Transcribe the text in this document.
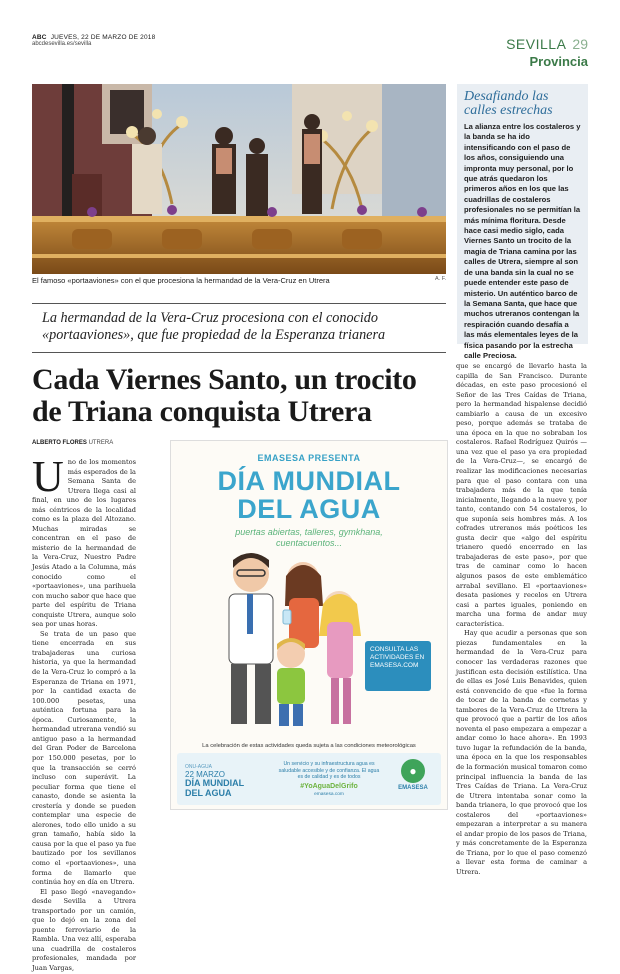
ABC JUEVES, 22 DE MARZO DE 2018
abcdesevilla.es/sevilla	SEVILLA 29
Provincia
El famoso «portaaviones» con el que procesiona la hermandad de la Vera-Cruz en Utrera	A. F.
Desafiando las calles estrechas
La alianza entre los costaleros y la banda se ha ido intensificando con el paso de los años, consiguiendo una impronta muy personal, por lo que atrás quedaron los primeros años en los que las cuadrillas de costaleros profesionales no se permitían la más mínima floritura. Desde hace casi medio siglo, cada Viernes Santo un trocito de la magia de Triana camina por las calles de Utrera, siempre al son de una banda sin la cual no se puede entender este paso de misterio. Un auténtico barco de la Semana Santa, que hace que muchos utreranos contengan la respiración cuando desafía a las más elementales leyes de la física pasando por la estrecha calle Preciosa.

La hermandad de la Vera-Cruz procesiona con el conocido «portaaviones», que fue propiedad de la Esperanza trianera

Cada Viernes Santo, un trocito de Triana conquista Utrera
ALBERTO FLORES UTRERA

Uno de los momentos más esperados de la Semana Santa de Utrera llega casi al final, en uno de los lugares más céntricos de la localidad como es la plaza del Altozano. Muchas miradas se concentran en el paso de misterio de la hermandad de la Vera-Cruz, Nuestro Padre Jesús Atado a la Columna, más conocido como el «portaaviones», una parihuela con mucho sabor que hace que parte del espíritu de Triana conquiste Utrera, aunque solo sea por unas horas.

Se trata de un paso que tiene encerrada en sus trabajaderas una curiosa historia, ya que la hermandad de la Vera-Cruz lo compró a la Esperanza de Triana en 1971, por la cantidad exacta de 100.000 pesetas, una auténtica fortuna para la época. Curiosamente, la hermandad utrerana vendió su antiguo paso a la hermandad del Gran Poder de Barcelona por 150.000 pesetas, por lo que la transacción se cerró incluso con superávit. La peculiar forma que tiene el canasto, donde se asienta la crestería y donde se pueden contemplar una especie de alerones, todo ello unido a su gran tamaño, había sido la causa por la que el paso ya fue bautizado por los sevillanos como el «portaaviones», una forma de llamarlo que continúa hoy en día en Utrera.

El paso llegó «navegando» desde Sevilla a Utrera transportado por un camión, que lo dejó en la zona del puente ferroviario de la Rambla. Una vez allí, esperaba una cuadrilla de costaleros profesionales, mandada por Juan Vargas,

que se encargó de llevarlo hasta la capilla de San Francisco. Durante décadas, en este paso procesionó el Señor de las Tres Caídas de Triana, pero la hermandad hispalense decidió cambiarlo a causa de un excesivo peso, porque además se trataba de una época en la que no sobraban los costaleros. Rafael Rodríguez Quirós —una vez que el paso ya era propiedad de la Vera-Cruz—, se encargó de realizar las modificaciones necesarias para que el paso contara con una trabajadera más de la que tenía inicialmente, llegando a la nueve y, por tanto, contando con 54 costaleros, lo que suponía seis hombres más. A los cofrades utreranos más poéticos les gusta decir que «algo del espíritu trianero quedó encerrado en las trabajaderas de este paso», por que tras de caminar como lo hacen algunos pasos de este emblemático arrabal sevillano. El «portaaviones» desata pasiones y recelos en Utrera casi a partes iguales, poniendo en marcha una forma de andar muy característica.

Hay que acudir a personas que son piezas fundamentales en la hermandad de la Vera-Cruz para conocer las verdaderas razones que justifican esta decisión estilística. Una de ellas es José Luis Benavides, quien está convencido de que «fue la forma de tocar de la banda de cornetas y tambores de la Vera-Cruz de Utrera la que provocó que a partir de los años noventa el paso empezara a empezar a andar como lo hace ahora». En 1993 tuvo lugar la refundación de la banda, una época en la que los responsables de la formación musical tomaron como principal influencia la banda de las Tres Caídas de Triana. La Vera-Cruz de Utrera intentaba sonar como la banda trianera, lo que provocó que los costaleros del «portaaviones» empezaran a interpretar a su manera el andar propio de los pasos de Triana, y más concretamente de la Esperanza de Triana, por lo que el paso comenzó a llevar esta forma de caminar a Utrera.

EMASESA PRESENTA
DÍA MUNDIAL
DEL AGUA
puertas abiertas, talleres, gymkhana,
cuentacuentos...
CONSULTA LAS ACTIVIDADES EN EMASESA.COM
La celebración de estas actividades queda sujeta a las condiciones meteorológicas
ONU-AGUA
22 MARZO
DÍA MUNDIAL
DEL AGUA
Un servicio y su infraestructura agua es saludable accesible y de confianza. El agua es de calidad y es de todos
#YoAguaDelGrifo
emasesa.com
●
EMASESA
